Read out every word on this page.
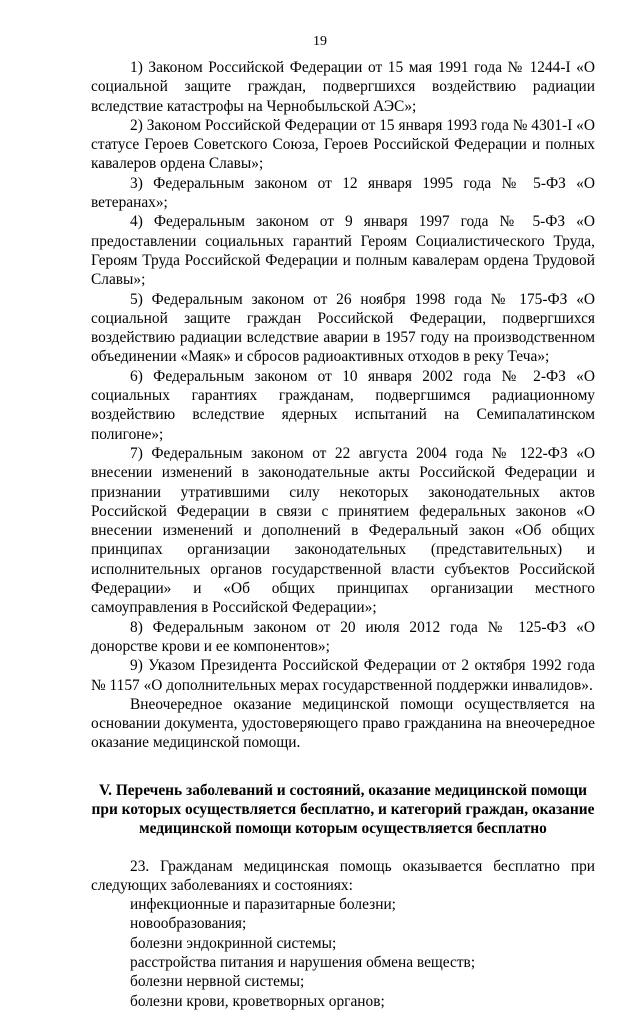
19

1) Законом Российской Федерации от 15 мая 1991 года № 1244-I «О социальной защите граждан, подвергшихся воздействию радиации вследствие катастрофы на Чернобыльской АЭС»;

2) Законом Российской Федерации от 15 января 1993 года № 4301-I «О статусе Героев Советского Союза, Героев Российской Федерации и полных кавалеров ордена Славы»;

3) Федеральным законом от 12 января 1995 года № 5-ФЗ «О ветеранах»;

4) Федеральным законом от 9 января 1997 года № 5-ФЗ «О предоставлении социальных гарантий Героям Социалистического Труда, Героям Труда Российской Федерации и полным кавалерам ордена Трудовой Славы»;

5) Федеральным законом от 26 ноября 1998 года № 175-ФЗ «О социальной защите граждан Российской Федерации, подвергшихся воздействию радиации вследствие аварии в 1957 году на производственном объединении «Маяк» и сбросов радиоактивных отходов в реку Теча»;

6) Федеральным законом от 10 января 2002 года № 2-ФЗ «О социальных гарантиях гражданам, подвергшимся радиационному воздействию вследствие ядерных испытаний на Семипалатинском полигоне»;

7) Федеральным законом от 22 августа 2004 года № 122-ФЗ «О внесении изменений в законодательные акты Российской Федерации и признании утратившими силу некоторых законодательных актов Российской Федерации в связи с принятием федеральных законов «О внесении изменений и дополнений в Федеральный закон «Об общих принципах организации законодательных (представительных) и исполнительных органов государственной власти субъектов Российской Федерации» и «Об общих принципах организации местного самоуправления в Российской Федерации»;

8) Федеральным законом от 20 июля 2012 года № 125-ФЗ «О донорстве крови и ее компонентов»;

9) Указом Президента Российской Федерации от 2 октября 1992 года № 1157 «О дополнительных мерах государственной поддержки инвалидов».

Внеочередное оказание медицинской помощи осуществляется на основании документа, удостоверяющего право гражданина на внеочередное оказание медицинской помощи.

V. Перечень заболеваний и состояний, оказание медицинской помощи при которых осуществляется бесплатно, и категорий граждан, оказание медицинской помощи которым осуществляется бесплатно

23. Гражданам медицинская помощь оказывается бесплатно при следующих заболеваниях и состояниях:

инфекционные и паразитарные болезни;

новообразования;

болезни эндокринной системы;

расстройства питания и нарушения обмена веществ;

болезни нервной системы;

болезни крови, кроветворных органов;
